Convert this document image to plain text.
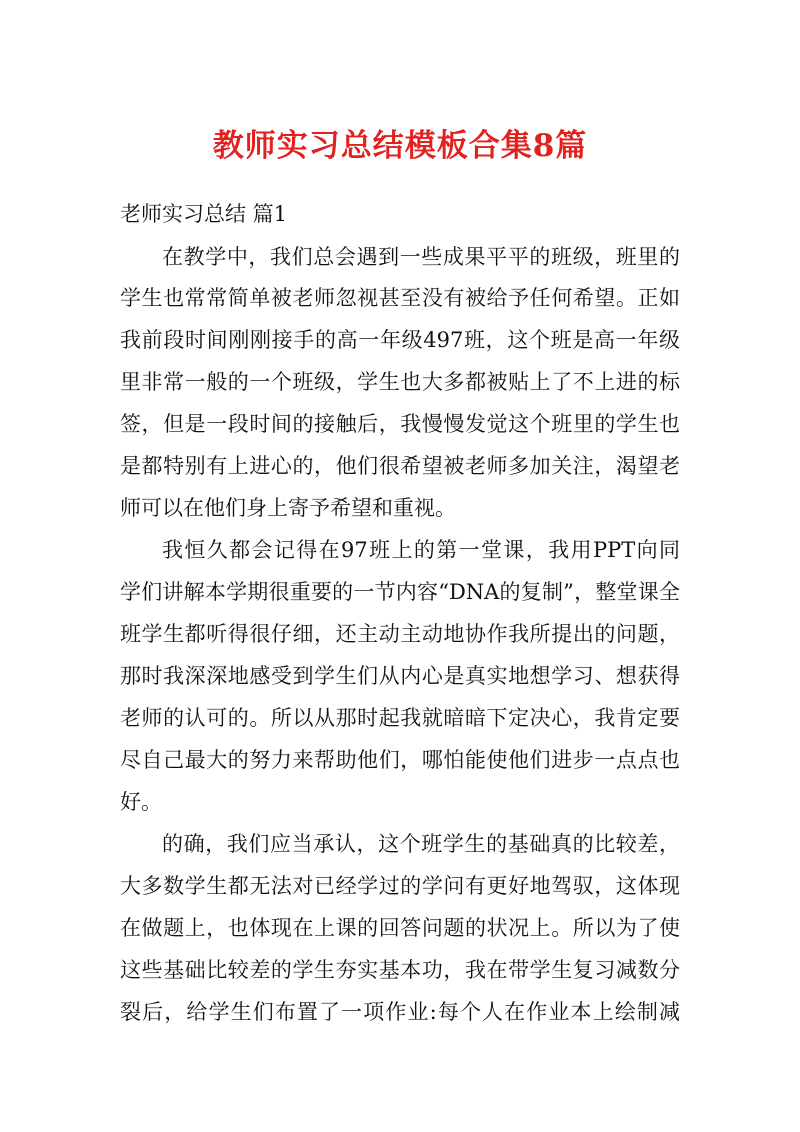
教师实习总结模板合集8篇
老师实习总结 篇1
在教学中，我们总会遇到一些成果平平的班级，班里的
学生也常常简单被老师忽视甚至没有被给予任何希望。正如
我前段时间刚刚接手的高一年级497班，这个班是高一年级
里非常一般的一个班级，学生也大多都被贴上了不上进的标
签，但是一段时间的接触后，我慢慢发觉这个班里的学生也
是都特别有上进心的，他们很希望被老师多加关注，渴望老
师可以在他们身上寄予希望和重视。
我恒久都会记得在97班上的第一堂课，我用PPT向同
学们讲解本学期很重要的一节内容“DNA的复制”，整堂课全
班学生都听得很仔细，还主动主动地协作我所提出的问题，
那时我深深地感受到学生们从内心是真实地想学习、想获得
老师的认可的。所以从那时起我就暗暗下定决心，我肯定要
尽自己最大的努力来帮助他们，哪怕能使他们进步一点点也
好。
的确，我们应当承认，这个班学生的基础真的比较差，
大多数学生都无法对已经学过的学问有更好地驾驭，这体现
在做题上，也体现在上课的回答问题的状况上。所以为了使
这些基础比较差的学生夯实基本功，我在带学生复习减数分
裂后，给学生们布置了一项作业:每个人在作业本上绘制减
